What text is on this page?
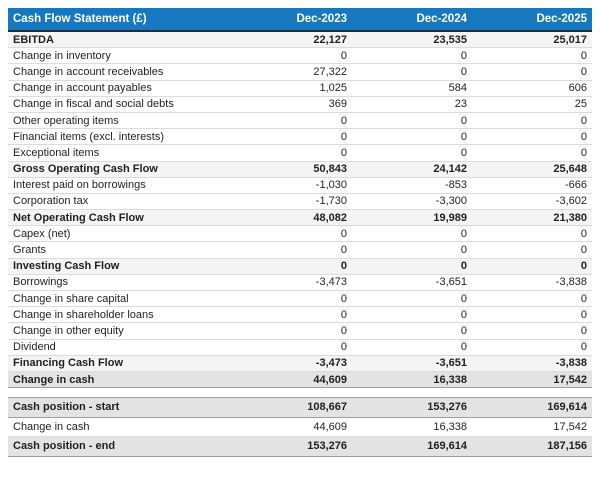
Cash Flow Statement (£)	Dec-2023	Dec-2024	Dec-2025
EBITDA	22,127	23,535	25,017
Change in inventory	0	0	0
Change in account receivables	27,322	0	0
Change in account payables	1,025	584	606
Change in fiscal and social debts	369	23	25
Other operating items	0	0	0
Financial items (excl. interests)	0	0	0
Exceptional items	0	0	0
Gross Operating Cash Flow	50,843	24,142	25,648
Interest paid on borrowings	-1,030	-853	-666
Corporation tax	-1,730	-3,300	-3,602
Net Operating Cash Flow	48,082	19,989	21,380
Capex (net)	0	0	0
Grants	0	0	0
Investing Cash Flow	0	0	0
Borrowings	-3,473	-3,651	-3,838
Change in share capital	0	0	0
Change in shareholder loans	0	0	0
Change in other equity	0	0	0
Dividend	0	0	0
Financing Cash Flow	-3,473	-3,651	-3,838
Change in cash	44,609	16,338	17,542
Cash position - start	108,667	153,276	169,614
Change in cash	44,609	16,338	17,542
Cash position - end	153,276	169,614	187,156
